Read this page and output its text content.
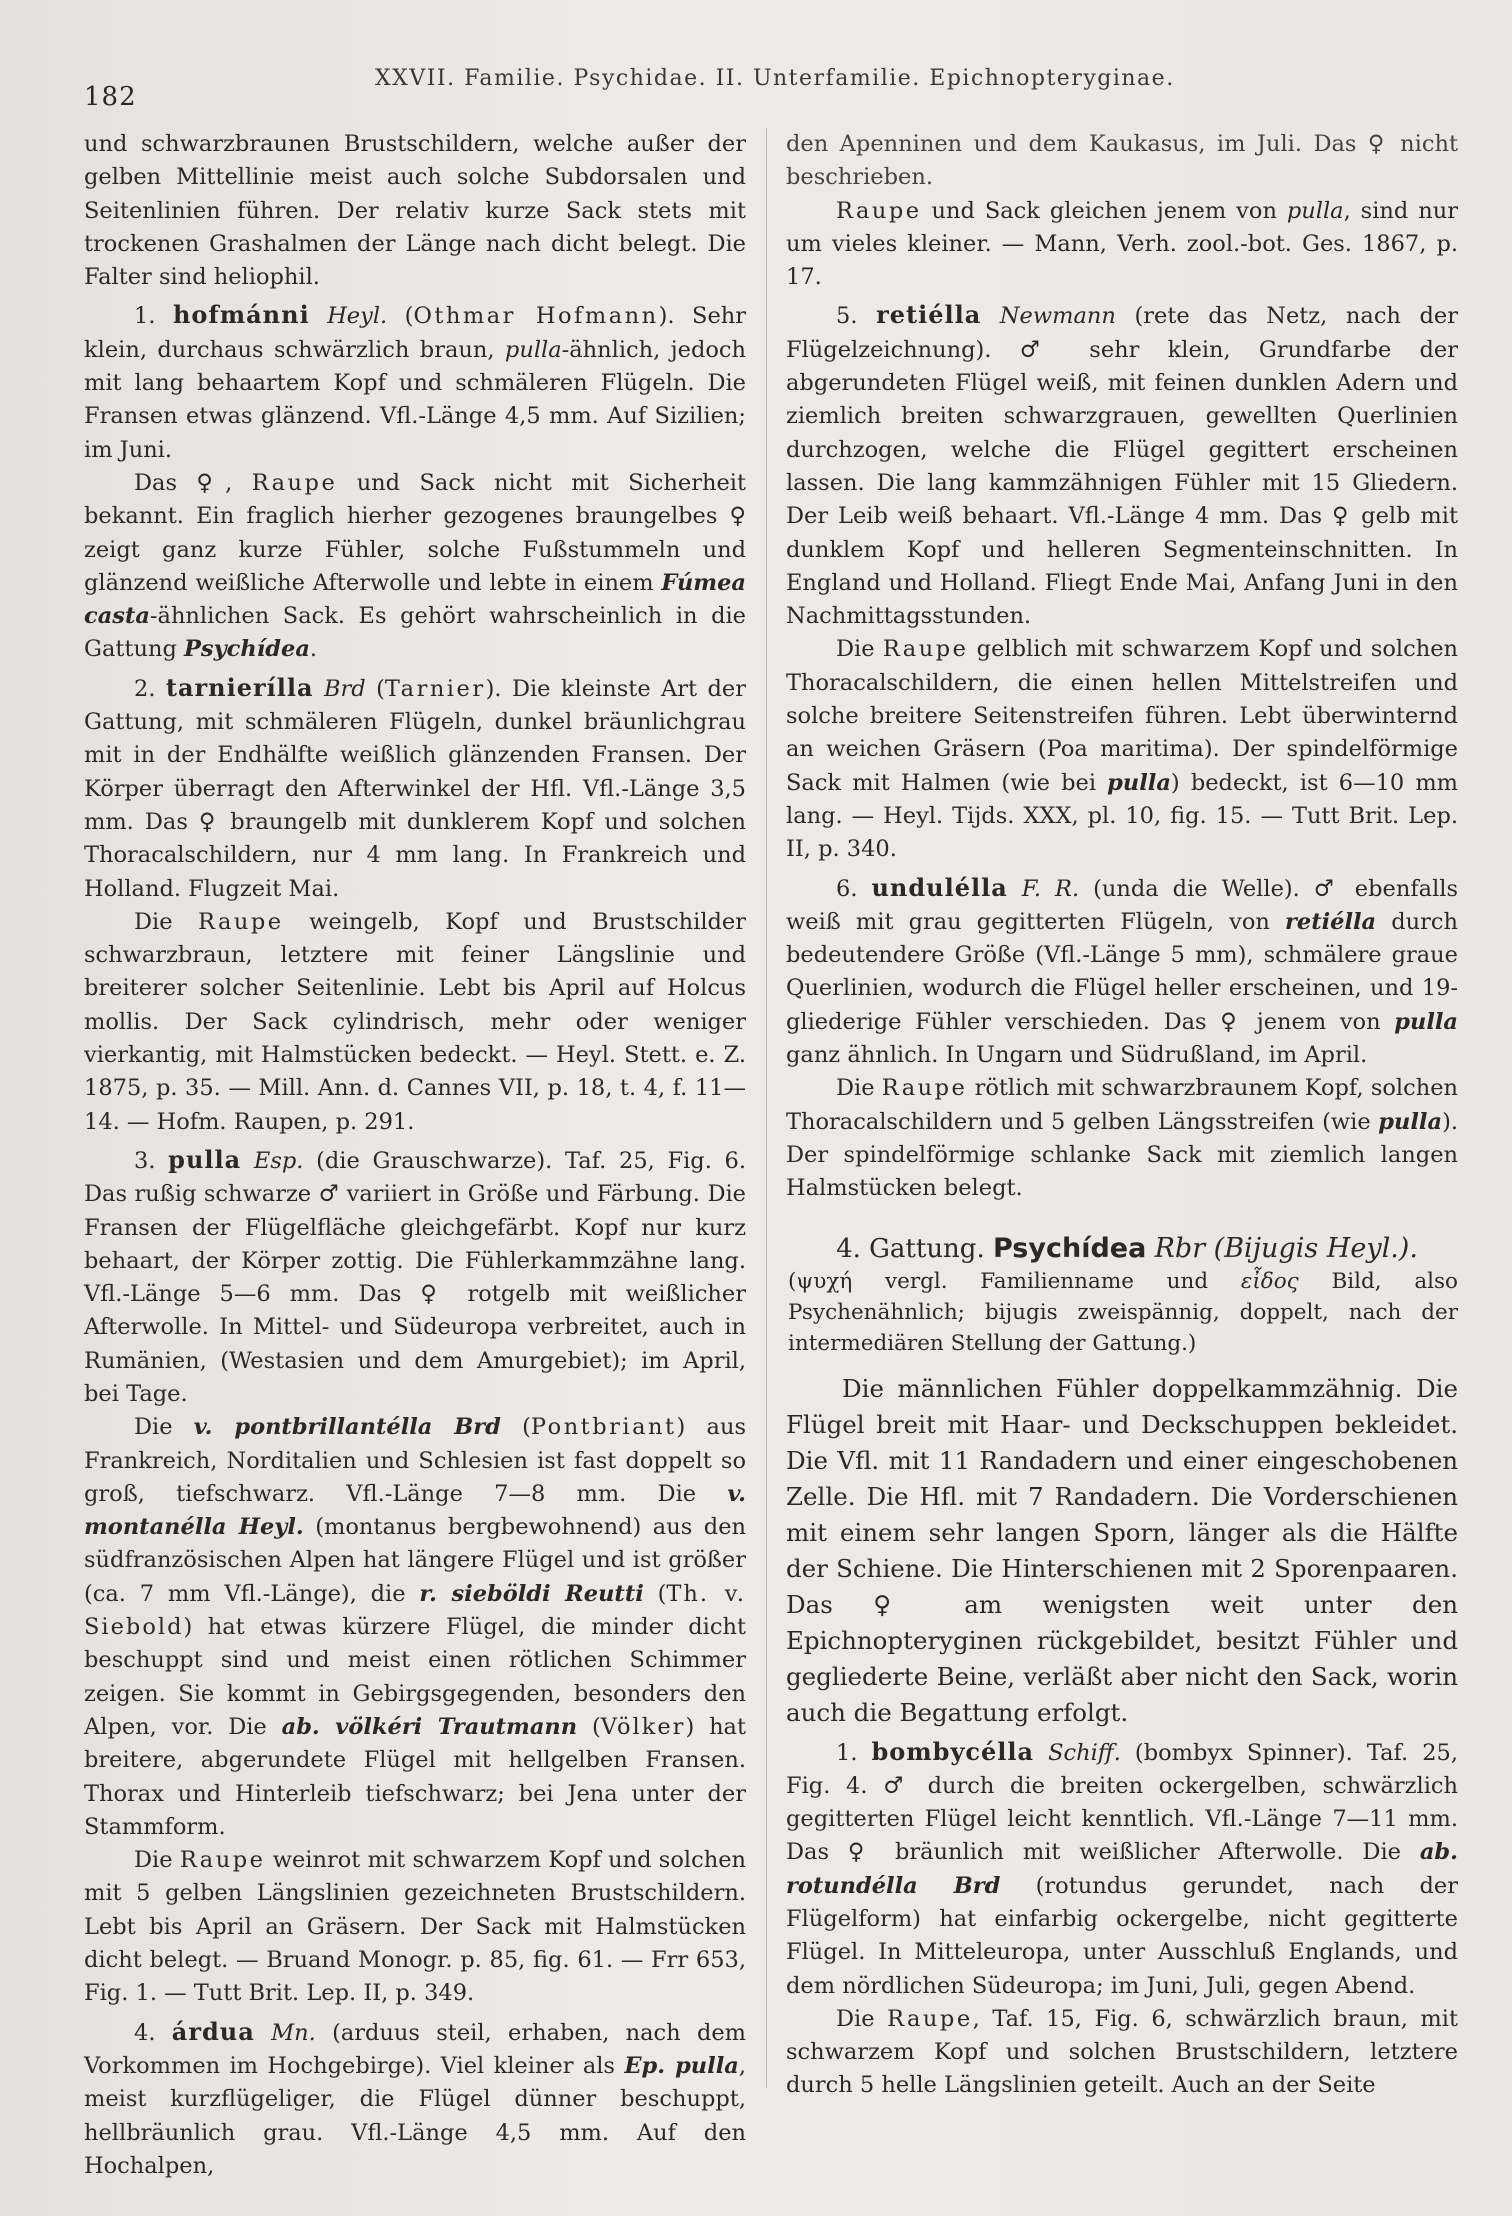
182
XXVII. Familie. Psychidae. II. Unterfamilie. Epichnopteryginae.

und schwarzbraunen Brustschildern, welche außer der gelben Mittellinie meist auch solche Subdorsalen und Seitenlinien führen. Der relativ kurze Sack stets mit trockenen Grashalmen der Länge nach dicht belegt. Die Falter sind heliophil.

1. hofmánni Heyl. (Othmar Hofmann). Sehr klein, durchaus schwärzlich braun, pulla-ähnlich, jedoch mit lang behaartem Kopf und schmäleren Flügeln. Die Fransen etwas glänzend. Vfl.-Länge 4,5 mm. Auf Sizilien; im Juni.

Das ♀, Raupe und Sack nicht mit Sicherheit bekannt. Ein fraglich hierher gezogenes braungelbes ♀ zeigt ganz kurze Fühler, solche Fußstummeln und glänzend weißliche Afterwolle und lebte in einem Fúmea casta-ähnlichen Sack. Es gehört wahrscheinlich in die Gattung Psychídea.

2. tarnierílla Brd (Tarnier). Die kleinste Art der Gattung, mit schmäleren Flügeln, dunkel bräunlichgrau mit in der Endhälfte weißlich glänzenden Fransen. Der Körper überragt den Afterwinkel der Hfl. Vfl.-Länge 3,5 mm. Das ♀ braungelb mit dunklerem Kopf und solchen Thoracalschildern, nur 4 mm lang. In Frankreich und Holland. Flugzeit Mai.

Die Raupe weingelb, Kopf und Brustschilder schwarzbraun, letztere mit feiner Längslinie und breiterer solcher Seitenlinie. Lebt bis April auf Holcus mollis. Der Sack cylindrisch, mehr oder weniger vierkantig, mit Halmstücken bedeckt. — Heyl. Stett. e. Z. 1875, p. 35. — Mill. Ann. d. Cannes VII, p. 18, t. 4, f. 11—14. — Hofm. Raupen, p. 291.

3. pulla Esp. (die Grauschwarze). Taf. 25, Fig. 6. Das rußig schwarze ♂ variiert in Größe und Färbung. Die Fransen der Flügelfläche gleichgefärbt. Kopf nur kurz behaart, der Körper zottig. Die Fühlerkammzähne lang. Vfl.-Länge 5—6 mm. Das ♀ rotgelb mit weißlicher Afterwolle. In Mittel- und Südeuropa verbreitet, auch in Rumänien, (Westasien und dem Amurgebiet); im April, bei Tage.

Die v. pontbrillantélla Brd (Pontbriant) aus Frankreich, Norditalien und Schlesien ist fast doppelt so groß, tiefschwarz. Vfl.-Länge 7—8 mm. Die v. montanélla Heyl. (montanus bergbewohnend) aus den südfranzösischen Alpen hat längere Flügel und ist größer (ca. 7 mm Vfl.-Länge), die r. sieböldi Reutti (Th. v. Siebold) hat etwas kürzere Flügel, die minder dicht beschuppt sind und meist einen rötlichen Schimmer zeigen. Sie kommt in Gebirgsgegenden, besonders den Alpen, vor. Die ab. völkéri Trautmann (Völker) hat breitere, abgerundete Flügel mit hellgelben Fransen. Thorax und Hinterleib tiefschwarz; bei Jena unter der Stammform.

Die Raupe weinrot mit schwarzem Kopf und solchen mit 5 gelben Längslinien gezeichneten Brustschildern. Lebt bis April an Gräsern. Der Sack mit Halmstücken dicht belegt. — Bruand Monogr. p. 85, fig. 61. — Frr 653, Fig. 1. — Tutt Brit. Lep. II, p. 349.

4. árdua Mn. (arduus steil, erhaben, nach dem Vorkommen im Hochgebirge). Viel kleiner als Ep. pulla, meist kurzflügeliger, die Flügel dünner beschuppt, hellbräunlich grau. Vfl.-Länge 4,5 mm. Auf den Hochalpen,

den Apenninen und dem Kaukasus, im Juli. Das ♀ nicht beschrieben.

Raupe und Sack gleichen jenem von pulla, sind nur um vieles kleiner. — Mann, Verh. zool.-bot. Ges. 1867, p. 17.

5. retiélla Newmann (rete das Netz, nach der Flügelzeichnung). ♂ sehr klein, Grundfarbe der abgerundeten Flügel weiß, mit feinen dunklen Adern und ziemlich breiten schwarzgrauen, gewellten Querlinien durchzogen, welche die Flügel gegittert erscheinen lassen. Die lang kammzähnigen Fühler mit 15 Gliedern. Der Leib weiß behaart. Vfl.-Länge 4 mm. Das ♀ gelb mit dunklem Kopf und helleren Segmenteinschnitten. In England und Holland. Fliegt Ende Mai, Anfang Juni in den Nachmittagsstunden.

Die Raupe gelblich mit schwarzem Kopf und solchen Thoracalschildern, die einen hellen Mittelstreifen und solche breitere Seitenstreifen führen. Lebt überwinternd an weichen Gräsern (Poa maritima). Der spindelförmige Sack mit Halmen (wie bei pulla) bedeckt, ist 6—10 mm lang. — Heyl. Tijds. XXX, pl. 10, fig. 15. — Tutt Brit. Lep. II, p. 340.

6. undulélla F. R. (unda die Welle). ♂ ebenfalls weiß mit grau gegitterten Flügeln, von retiélla durch bedeutendere Größe (Vfl.-Länge 5 mm), schmälere graue Querlinien, wodurch die Flügel heller erscheinen, und 19-gliederige Fühler verschieden. Das ♀ jenem von pulla ganz ähnlich. In Ungarn und Südrußland, im April.

Die Raupe rötlich mit schwarzbraunem Kopf, solchen Thoracalschildern und 5 gelben Längsstreifen (wie pulla). Der spindelförmige schlanke Sack mit ziemlich langen Halmstücken belegt.

4. Gattung. Psychídea Rbr (Bijugis Heyl.).

(ψυχή vergl. Familienname und εἶδος Bild, also Psychenähnlich; bijugis zweispännig, doppelt, nach der intermediären Stellung der Gattung.)

Die männlichen Fühler doppelkammzähnig. Die Flügel breit mit Haar- und Deckschuppen bekleidet. Die Vfl. mit 11 Randadern und einer eingeschobenen Zelle. Die Hfl. mit 7 Randadern. Die Vorderschienen mit einem sehr langen Sporn, länger als die Hälfte der Schiene. Die Hinterschienen mit 2 Sporenpaaren. Das ♀ am wenigsten weit unter den Epichnopteryginen rückgebildet, besitzt Fühler und gegliederte Beine, verläßt aber nicht den Sack, worin auch die Begattung erfolgt.

1. bombycélla Schiff. (bombyx Spinner). Taf. 25, Fig. 4. ♂ durch die breiten ockergelben, schwärzlich gegitterten Flügel leicht kenntlich. Vfl.-Länge 7—11 mm. Das ♀ bräunlich mit weißlicher Afterwolle. Die ab. rotundélla Brd (rotundus gerundet, nach der Flügelform) hat einfarbig ockergelbe, nicht gegitterte Flügel. In Mitteleuropa, unter Ausschluß Englands, und dem nördlichen Südeuropa; im Juni, Juli, gegen Abend.

Die Raupe, Taf. 15, Fig. 6, schwärzlich braun, mit schwarzem Kopf und solchen Brustschildern, letztere durch 5 helle Längslinien geteilt. Auch an der Seite
